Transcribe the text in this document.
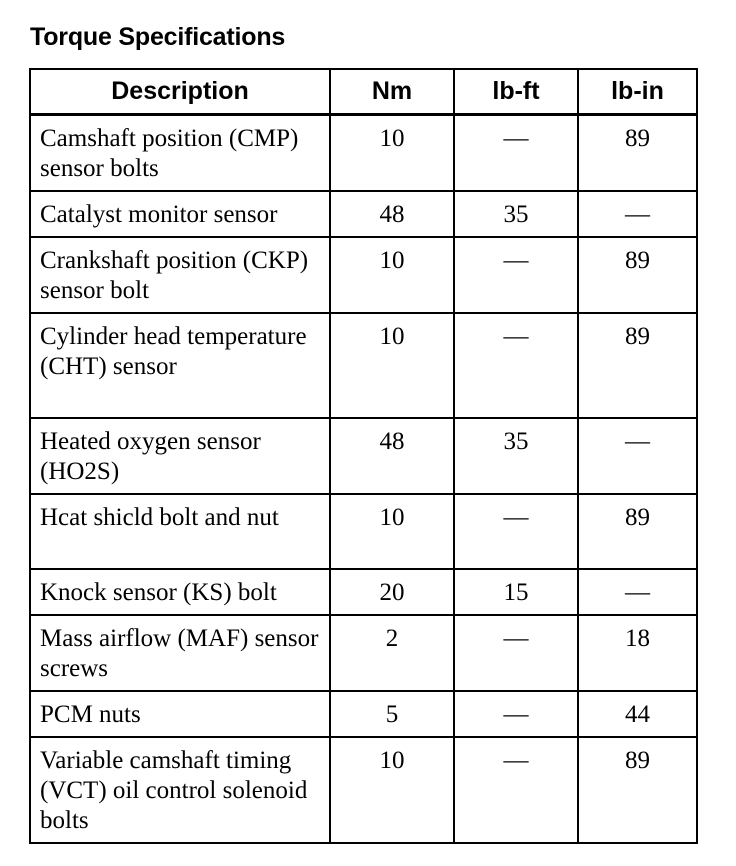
Torque Specifications
Description	Nm	lb-ft	lb-in
Camshaft position (CMP) sensor bolts	10	—	89
Catalyst monitor sensor	48	35	—
Crankshaft position (CKP) sensor bolt	10	—	89
Cylinder head temperature (CHT) sensor	10	—	89
Heated oxygen sensor (HO2S)	48	35	—
Hcat shicld bolt and nut	10	—	89
Knock sensor (KS) bolt	20	15	—
Mass airflow (MAF) sensor screws	2	—	18
PCM nuts	5	—	44
Variable camshaft timing (VCT) oil control solenoid bolts	10	—	89
